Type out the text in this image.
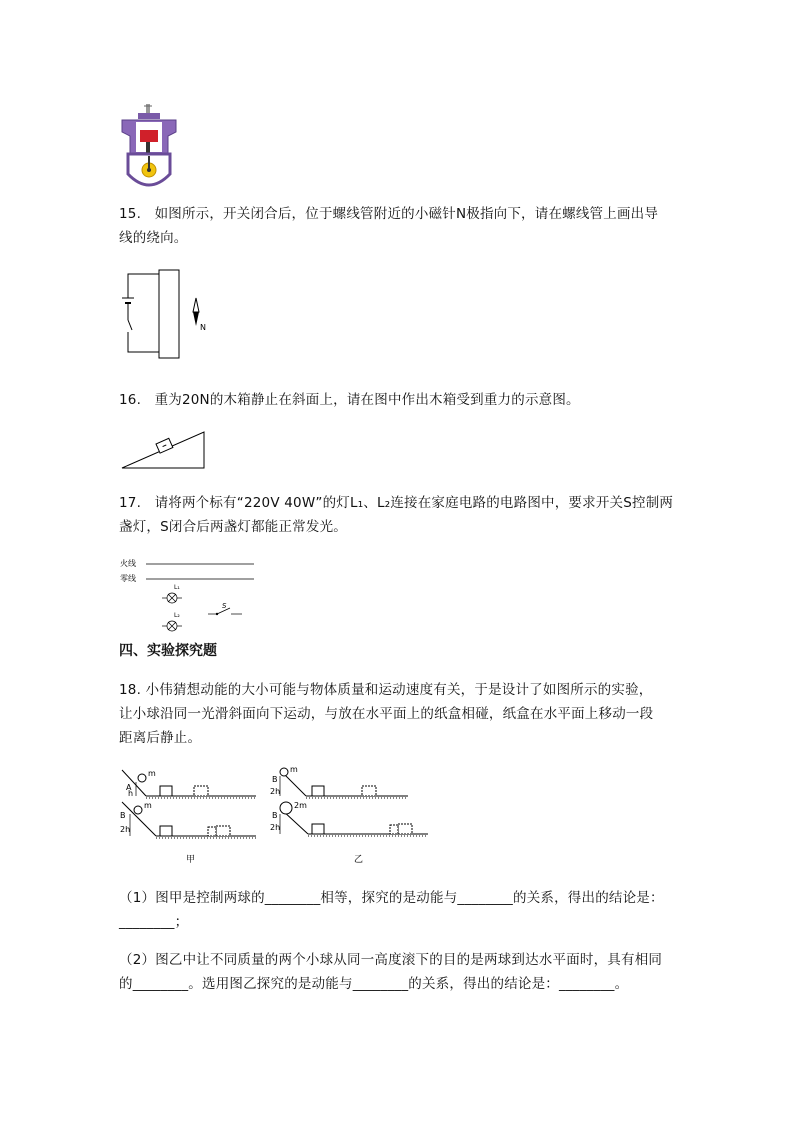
15. 如图所示，开关闭合后，位于螺线管附近的小磁针N极指向下，请在螺线管上画出导
线的绕向。
N
16. 重为20N的木箱静止在斜面上，请在图中作出木箱受到重力的示意图。
17. 请将两个标有“220V 40W”的灯L₁、L₂连接在家庭电路的电路图中，要求开关S控制两
盏灯，S闭合后两盏灯都能正常发光。
火线
零线
L₁
L₂
S
四、实验探究题
18. 小伟猜想动能的大小可能与物体质量和运动速度有关，于是设计了如图所示的实验，
让小球沿同一光滑斜面向下运动，与放在水平面上的纸盒相碰，纸盒在水平面上移动一段
距离后静止。
m
A
h
m
B
2h
甲
m
B
2h
2m
B
2h
乙
（1）图甲是控制两球的________相等，探究的是动能与________的关系，得出的结论是：
________；
（2）图乙中让不同质量的两个小球从同一高度滚下的目的是两球到达水平面时，具有相同
的________。选用图乙探究的是动能与________的关系，得出的结论是：________。
